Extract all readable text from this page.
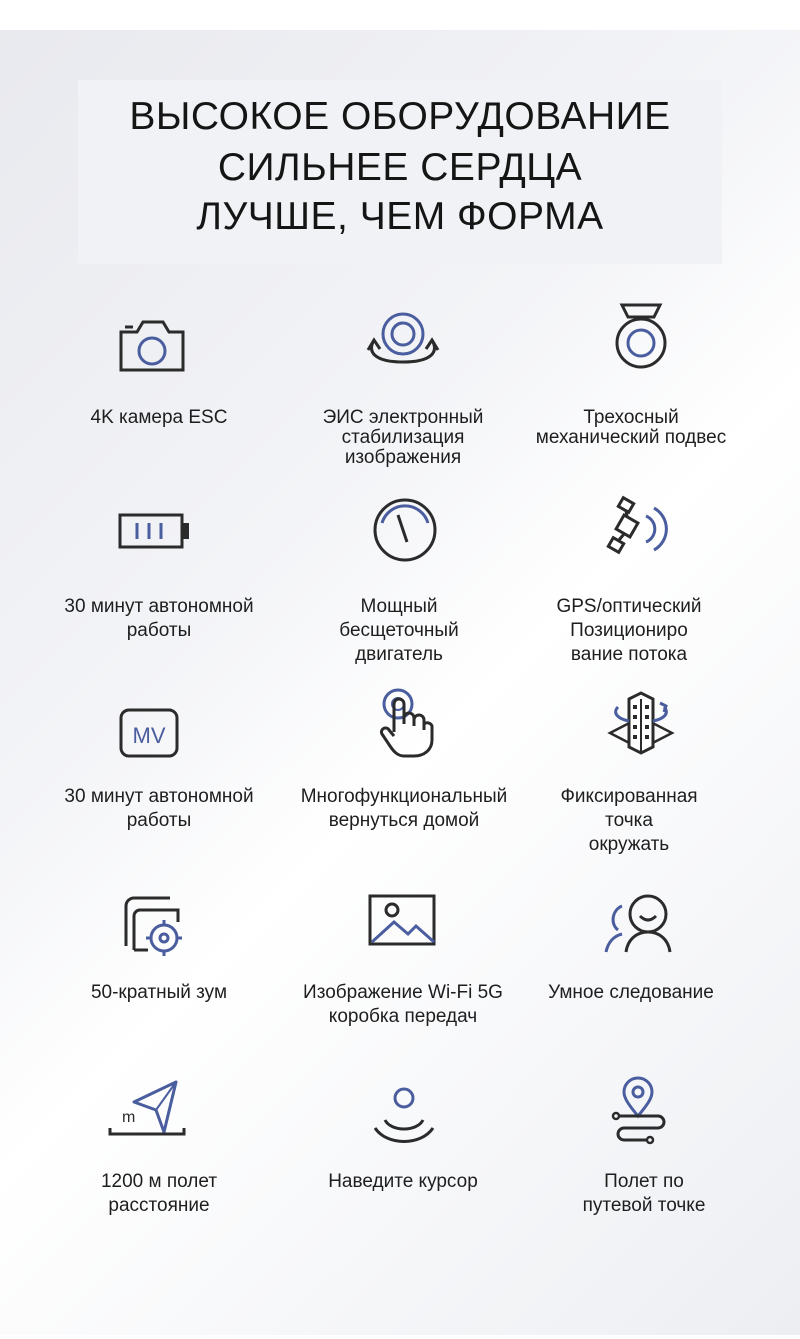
ВЫСОКОЕ ОБОРУДОВАНИЕ
СИЛЬНЕЕ СЕРДЦА
ЛУЧШЕ, ЧЕМ ФОРМА
4K камера ESC	ЭИС электронный
стабилизация
изображения
Трехосный
механический подвес
30 минут автономной
работы
Мощный
бесщеточный
двигатель
GPS/оптический
Позициониро
вание потока
MV
30 минут автономной
работы
Многофункциональный
вернуться домой
Фиксированная
точка
окружать
50-кратный зум	Изображение Wi-Fi 5G
коробка передач
Умное следование
m
1200 м полет
расстояние
Наведите курсор	Полет по
путевой точке
